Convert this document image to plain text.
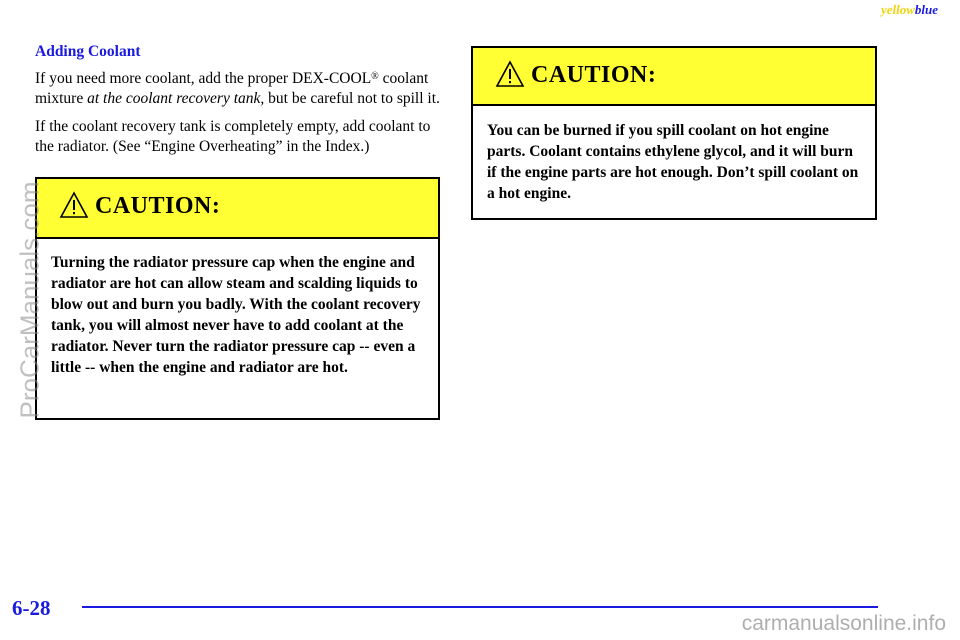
yellowblue
Adding Coolant

If you need more coolant, add the proper DEX-COOL® coolant mixture at the coolant recovery tank, but be careful not to spill it.

If the coolant recovery tank is completely empty, add coolant to the radiator. (See “Engine Overheating” in the Index.)

CAUTION:
Turning the radiator pressure cap when the engine and radiator are hot can allow steam and scalding liquids to blow out and burn you badly. With the coolant recovery tank, you will almost never have to add coolant at the radiator. Never turn the radiator pressure cap -- even a little -- when the engine and radiator are hot.
CAUTION:
You can be burned if you spill coolant on hot engine parts. Coolant contains ethylene glycol, and it will burn if the engine parts are hot enough. Don’t spill coolant on a hot engine.
6-28
ProCarManuals.com
carmanualsonline.info
